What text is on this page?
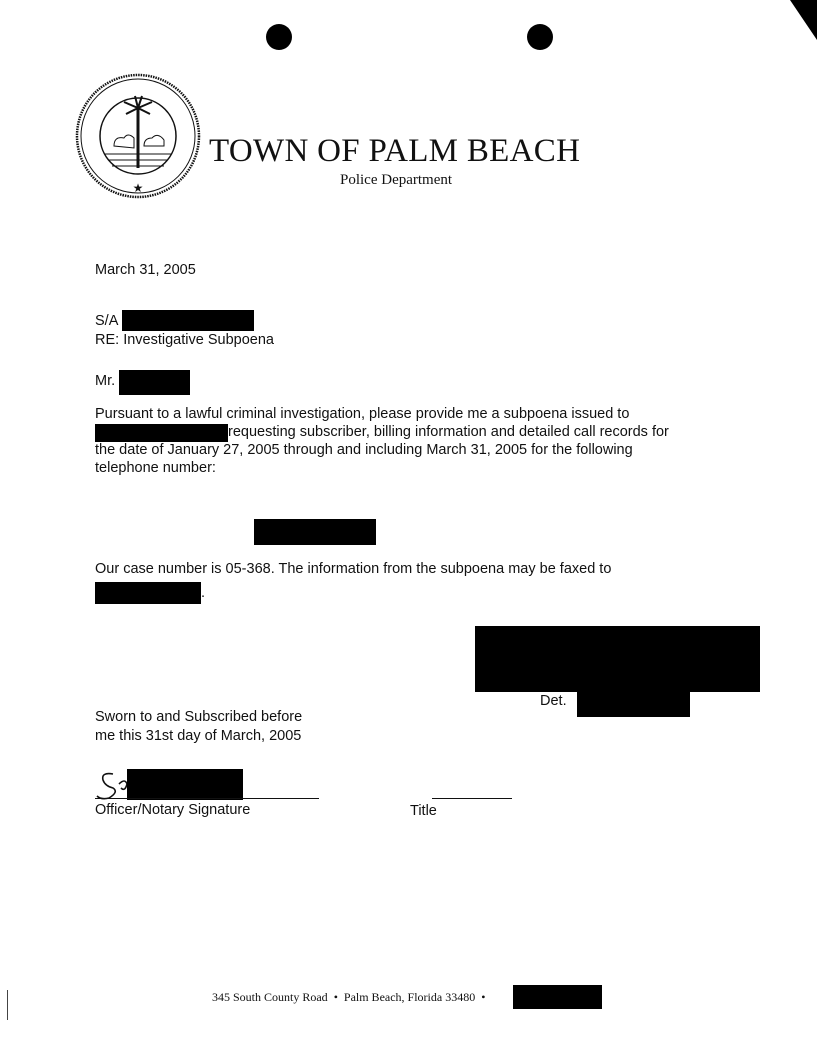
★
TOWN OF PALM BEACH
Police Department
March 31, 2005
S/A
RE: Investigative Subpoena
Mr.
Pursuant to a lawful criminal investigation, please provide me a subpoena issued to
requesting subscriber, billing information and detailed call records for
the date of January 27, 2005 through and including March 31, 2005 for the following
telephone number:
Our case number is 05-368. The information from the subpoena may be faxed to
.
Det.
Sworn to and Subscribed before
me this 31st day of March, 2005
Officer/Notary Signature	Title
345 South County Road  •  Palm Beach, Florida 33480  •
